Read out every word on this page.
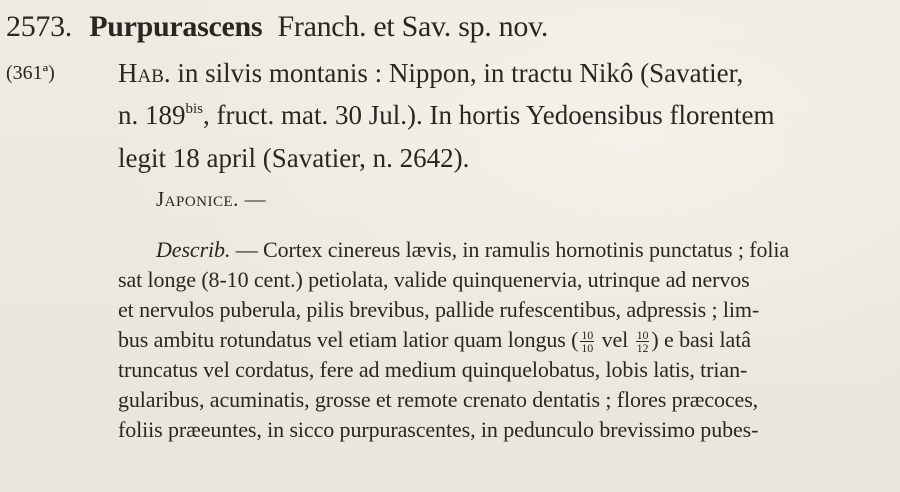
2573. Purpurascens Franch. et Sav. sp. nov.
(361ª) Hab. in silvis montanis : Nippon, in tractu Nikô (Savatier,
n. $189^{bis}$, fruct. mat. 30 Jul.). In hortis Yedoensibus florentem
legit 18 april (Savatier, n. 2642).
Japonice. —
Describ. — Cortex cinereus lævis, in ramulis hornotinis punctatus ; folia
sat longe (8-10 cent.) petiolata, valide quinquenervia, utrinque ad nervos
et nervulos puberula, pilis brevibus, pallide rufescentibus, adpressis ; lim-
bus ambitu rotundatus vel etiam latior quam longus ( $\frac{10}{10}$ vel $\frac{10}{12}$ ) e basi latâ
truncatus vel cordatus, fere ad medium quinquelobatus, lobis latis, trian-
gularibus, acuminatis, grosse et remote crenato dentatis ; flores præcoces,
foliis præeuntes, in sicco purpurascentes, in pedunculo brevissimo pubes-
